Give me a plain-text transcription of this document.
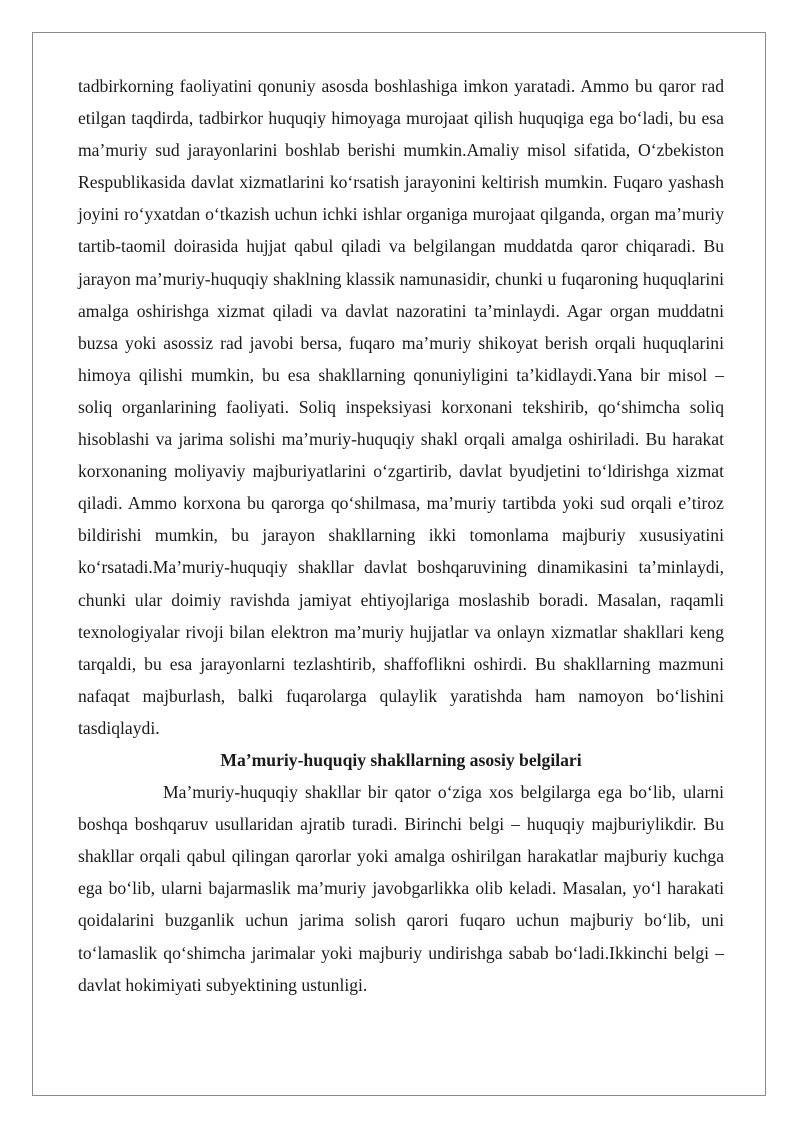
tadbirkorning faoliyatini qonuniy asosda boshlashiga imkon yaratadi. Ammo bu qaror rad etilgan taqdirda, tadbirkor huquqiy himoyaga murojaat qilish huquqiga ega bo‘ladi, bu esa ma’muriy sud jarayonlarini boshlab berishi mumkin.Amaliy misol sifatida, O‘zbekiston Respublikasida davlat xizmatlarini ko‘rsatish jarayonini keltirish mumkin. Fuqaro yashash joyini ro‘yxatdan o‘tkazish uchun ichki ishlar organiga murojaat qilganda, organ ma’muriy tartib-taomil doirasida hujjat qabul qiladi va belgilangan muddatda qaror chiqaradi. Bu jarayon ma’muriy-huquqiy shaklning klassik namunasidir, chunki u fuqaroning huquqlarini amalga oshirishga xizmat qiladi va davlat nazoratini ta’minlaydi. Agar organ muddatni buzsa yoki asossiz rad javobi bersa, fuqaro ma’muriy shikoyat berish orqali huquqlarini himoya qilishi mumkin, bu esa shakllarning qonuniyligini ta’kidlaydi.Yana bir misol – soliq organlarining faoliyati. Soliq inspeksiyasi korxonani tekshirib, qo‘shimcha soliq hisoblashi va jarima solishi ma’muriy-huquqiy shakl orqali amalga oshiriladi. Bu harakat korxonaning moliyaviy majburiyatlarini o‘zgartirib, davlat byudjetini to‘ldirishga xizmat qiladi. Ammo korxona bu qarorga qo‘shilmasa, ma’muriy tartibda yoki sud orqali e’tiroz bildirishi mumkin, bu jarayon shakllarning ikki tomonlama majburiy xususiyatini ko‘rsatadi.Ma’muriy-huquqiy shakllar davlat boshqaruvining dinamikasini ta’minlaydi, chunki ular doimiy ravishda jamiyat ehtiyojlariga moslashib boradi. Masalan, raqamli texnologiyalar rivoji bilan elektron ma’muriy hujjatlar va onlayn xizmatlar shakllari keng tarqaldi, bu esa jarayonlarni tezlashtirib, shaffoflikni oshirdi. Bu shakllarning mazmuni nafaqat majburlash, balki fuqarolarga qulaylik yaratishda ham namoyon bo‘lishini tasdiqlaydi.

Ma’muriy-huquqiy shakllarning asosiy belgilari

Ma’muriy-huquqiy shakllar bir qator o‘ziga xos belgilarga ega bo‘lib, ularni boshqa boshqaruv usullaridan ajratib turadi. Birinchi belgi – huquqiy majburiylikdir. Bu shakllar orqali qabul qilingan qarorlar yoki amalga oshirilgan harakatlar majburiy kuchga ega bo‘lib, ularni bajarmaslik ma’muriy javobgarlikka olib keladi. Masalan, yo‘l harakati qoidalarini buzganlik uchun jarima solish qarori fuqaro uchun majburiy bo‘lib, uni to‘lamaslik qo‘shimcha jarimalar yoki majburiy undirishga sabab bo‘ladi.Ikkinchi belgi – davlat hokimiyati subyektining ustunligi.
